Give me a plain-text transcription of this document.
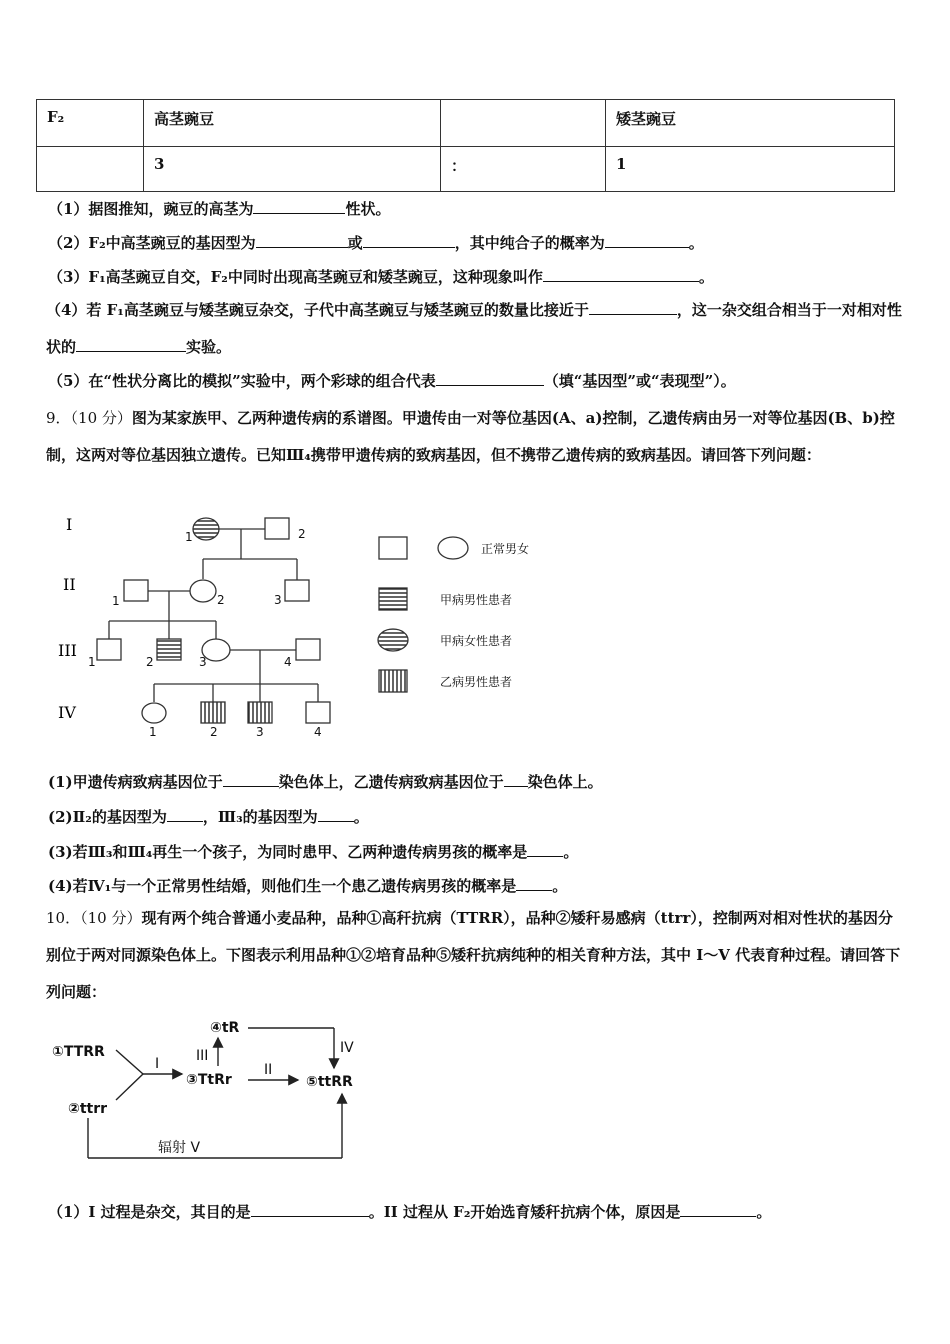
F₂	高茎豌豆		矮茎豌豆
	3	：	1
（1）据图推知，豌豆的高茎为	性状。
（2）F₂中高茎豌豆的基因型为	或	，其中纯合子的概率为	。
（3）F₁高茎豌豆自交，F₂中同时出现高茎豌豆和矮茎豌豆，这种现象叫作	。
（4）若 F₁高茎豌豆与矮茎豌豆杂交，子代中高茎豌豆与矮茎豌豆的数量比接近于	，这一杂交组合相当于一对相对性状的	实验。
（5）在“性状分离比的模拟”实验中，两个彩球的组合代表	（填“基因型”或“表现型”）。
9．（10 分）图为某家族甲、乙两种遗传病的系谱图。甲遗传由一对等位基因(A、a)控制，乙遗传病由另一对等位基因(B、b)控制，这两对等位基因独立遗传。已知Ⅲ₄携带甲遗传病的致病基因，但不携带乙遗传病的致病基因。请回答下列问题：
I
II
III
IV
1	2
1	2	3
1	2	3	4
1	2	3	4
正常男女
甲病男性患者
甲病女性患者
乙病男性患者
(1)甲遗传病致病基因位于	染色体上，乙遗传病致病基因位于 染色体上。
(2)Ⅱ₂的基因型为 ，Ⅲ₃的基因型为 。
(3)若Ⅲ₃和Ⅲ₄再生一个孩子，为同时患甲、乙两种遗传病男孩的概率是 。
(4)若Ⅳ₁与一个正常男性结婚，则他们生一个患乙遗传病男孩的概率是 。
10．（10 分）现有两个纯合普通小麦品种，品种①高秆抗病（TTRR），品种②矮秆易感病（ttrr），控制两对相对性状的基因分别位于两对同源染色体上。下图表示利用品种①②培育品种⑤矮秆抗病纯种的相关育种方法，其中 I～V 代表育种过程。请回答下列问题：
①TTRR
②ttrr
③TtRr
④tR
⑤ttRR
I	III
II
IV
辐射 V
（1）I 过程是杂交，其目的是	。II 过程从 F₂开始选育矮秆抗病个体，原因是	。
